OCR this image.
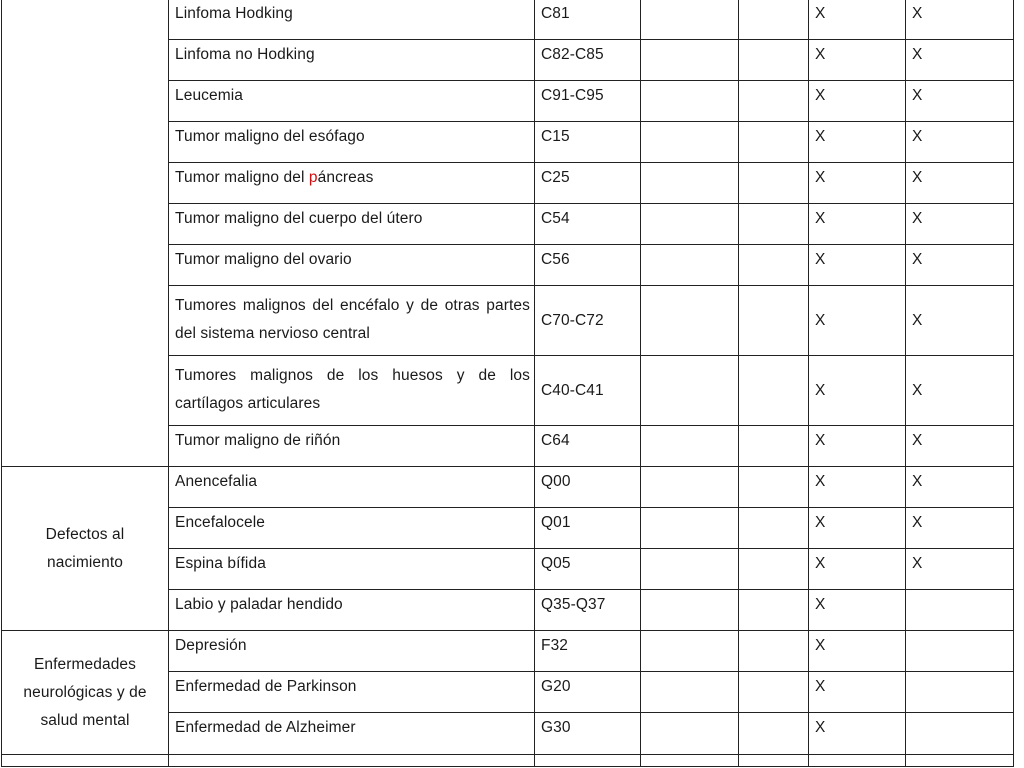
	Linfoma Hodking	C81			X	X
	Linfoma no Hodking	C82-C85			X	X
	Leucemia	C91-C95			X	X
	Tumor maligno del esófago	C15			X	X
	Tumor maligno del páncreas	C25			X	X
	Tumor maligno del cuerpo del útero	C54			X	X
	Tumor maligno del ovario	C56			X	X
	Tumores malignos del encéfalo y de otras partes del sistema nervioso central	C70-C72			X	X
	Tumores malignos de los huesos y de los cartílagos articulares	C40-C41			X	X
	Tumor maligno de riñón	C64			X	X
Defectos al nacimiento	Anencefalia	Q00			X	X
	Encefalocele	Q01			X	X
	Espina bífida	Q05			X	X
	Labio y paladar hendido	Q35-Q37			X	
Enfermedades neurológicas y de salud mental	Depresión	F32			X	
	Enfermedad de Parkinson	G20			X	
	Enfermedad de Alzheimer	G30			X	
